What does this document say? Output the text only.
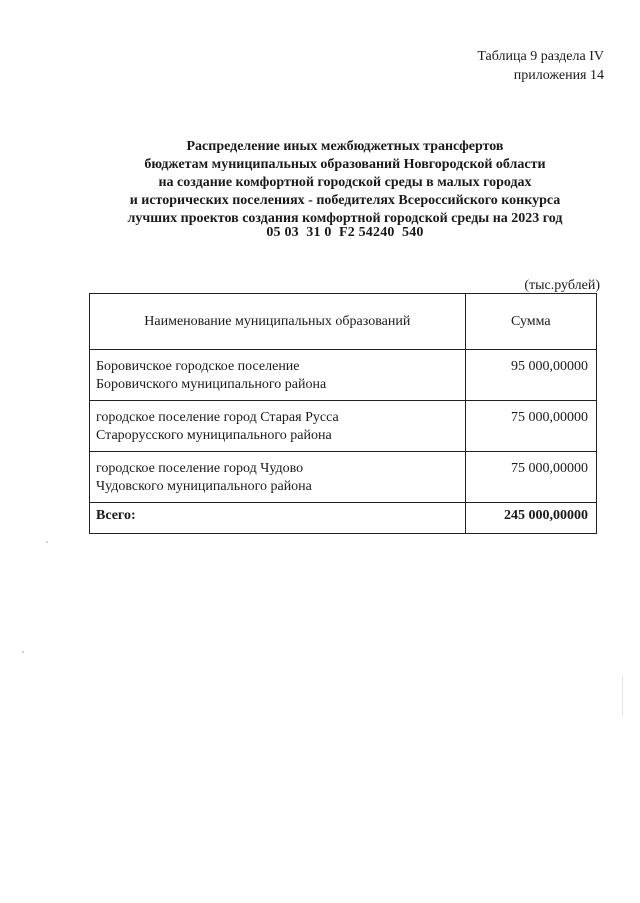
Таблица 9 раздела IV
приложения 14
Распределение иных межбюджетных трансфертов
бюджетам муниципальных образований Новгородской области
на создание комфортной городской среды в малых городах
и исторических поселениях - победителях Всероссийского конкурса
лучших проектов создания комфортной городской среды на 2023 год
05 03  31 0  F2 54240  540
(тыс.рублей)
Наименование муниципальных образований	Сумма

Боровичское городское поселение
Боровичского муниципального района	95 000,00000

городское поселение город Старая Русса
Старорусского муниципального района	75 000,00000

городское поселение город Чудово
Чудовского муниципального района	75 000,00000
Всего:	245 000,00000
